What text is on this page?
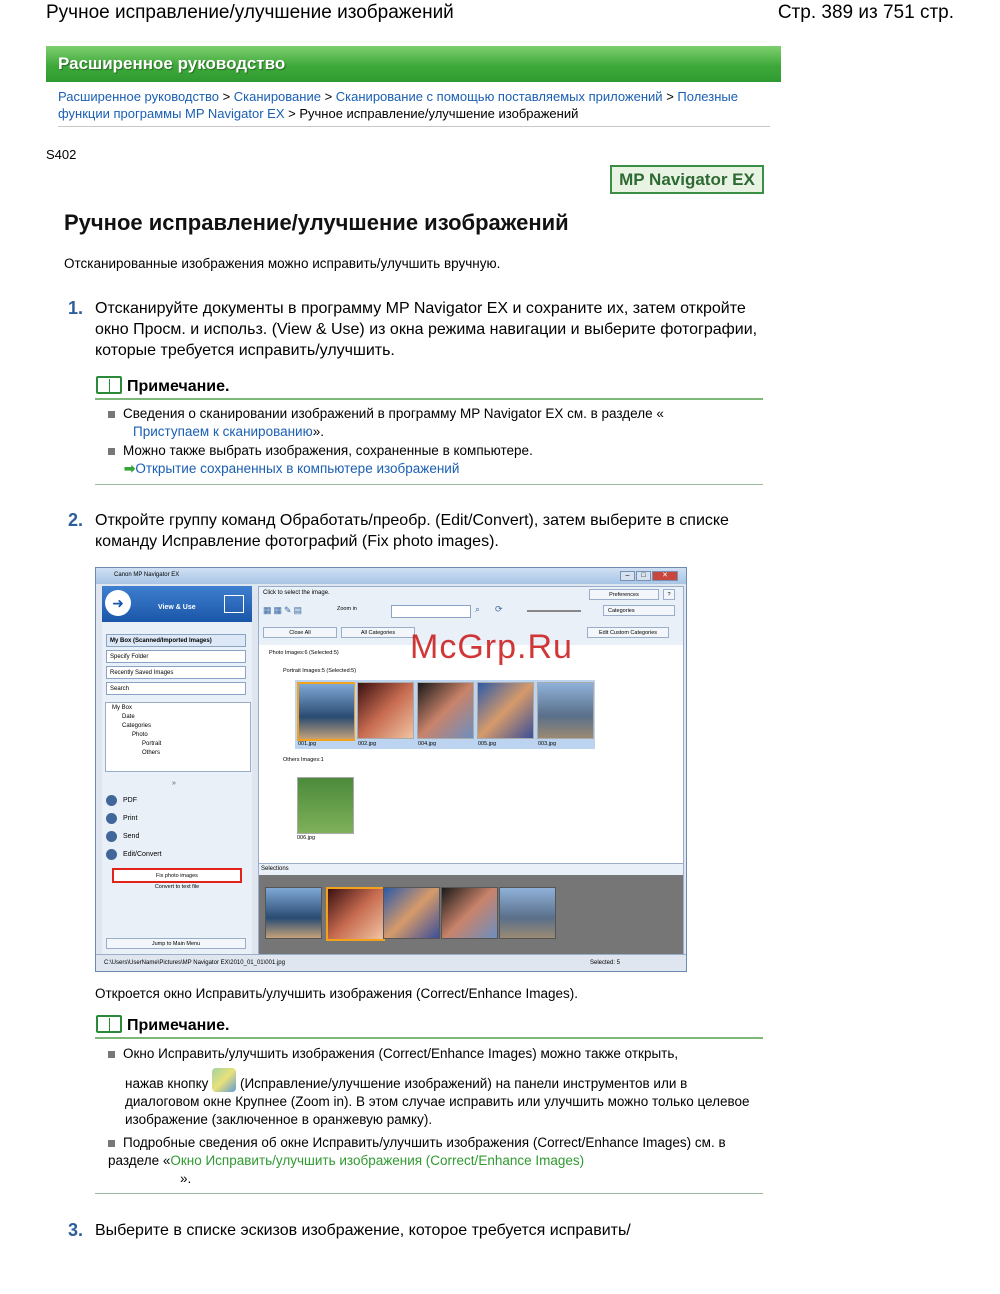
Ручное исправление/улучшение изображений	Стр. 389 из 751 стр.
Расширенное руководство
Расширенное руководство > Сканирование > Сканирование с помощью поставляемых приложений > Полезные функции программы MP Navigator EX > Ручное исправление/улучшение изображений
S402
MP Navigator EX
Ручное исправление/улучшение изображений
Отсканированные изображения можно исправить/улучшить вручную.
1. Отсканируйте документы в программу MP Navigator EX и сохраните их, затем откройте окно Просм. и использ. (View & Use) из окна режима навигации и выберите фотографии, которые требуется исправить/улучшить.
Примечание.
Сведения о сканировании изображений в программу MP Navigator EX см. в разделе «
Приступаем к сканированию».
Можно также выбрать изображения, сохраненные в компьютере.
➡Открытие сохраненных в компьютере изображений
2. Откройте группу команд Обработать/преобр. (Edit/Convert), затем выберите в списке команду Исправление фотографий (Fix photo images).
Canon MP Navigator EX	–	□	✕
➜	View & Use
My Box (Scanned/Imported Images)
Specify Folder
Recently Saved Images
Search
My Box
Date
Categories
Photo
Portrait
Others
»
PDF
Print
Send
Edit/Convert
Fix photo images
Convert to text file
Jump to Main Menu
Click to select the image.	Preferences	?
▦▦✎▤	Zoom in	⌕ ⟳	Categories
Close All	All Categories	Edit Custom Categories
Photo Images:6 (Selected:5)
Portrait Images:5 (Selected:5)
001.jpg	002.jpg	004.jpg	005.jpg	003.jpg
Others Images:1
006.jpg
Selections
C:\Users\UserName\Pictures\MP Navigator EX\2010_01_01\001.jpg	Selected: 5
McGrp.Ru
Откроется окно Исправить/улучшить изображения (Correct/Enhance Images).
Примечание.
Окно Исправить/улучшить изображения (Correct/Enhance Images) можно также открыть,
нажав кнопку (Исправление/улучшение изображений) на панели инструментов или в диалоговом окне Крупнее (Zoom in). В этом случае исправить или улучшить можно только целевое изображение (заключенное в оранжевую рамку).
Подробные сведения об окне Исправить/улучшить изображения (Correct/Enhance Images) см. в разделе «Окно Исправить/улучшить изображения (Correct/Enhance Images)
».
3. Выберите в списке эскизов изображение, которое требуется исправить/
